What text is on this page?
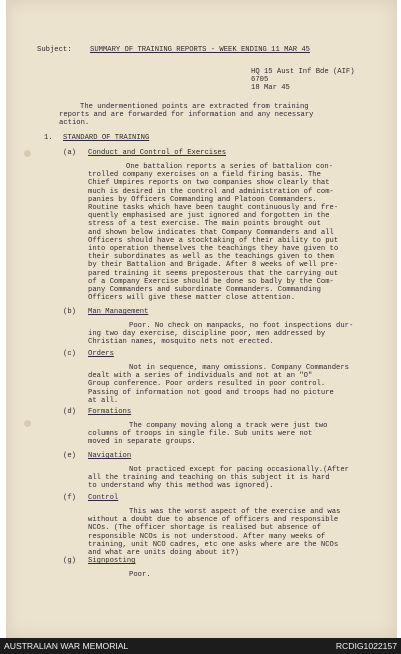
Subject:	SUMMARY OF TRAINING REPORTS - WEEK ENDING 11 MAR 45
HQ 15 Aust Inf Bde (AIF)
6705
18 Mar 45
The undermentioned points are extracted from training
reports and are forwarded for information and any necessary
action.
1. STANDARD OF TRAINING
(a) Conduct and Control of Exercises
One battalion reports a series of battalion con-
trolled company exercises on a field firing basis. The
Chief Umpires reports on two companies show clearly that
much is desired in the control and administration of com-
panies by Officers Commanding and Platoon Commanders.
Routine tasks which have been taught continuously and fre-
quently emphasised are just ignored and forgotten in the
stress of a test exercise. The main points brought out
and shown below indicates that Company Commanders and all
Officers should have a stocktaking of their ability to put
into operation themselves the teachings they have given to
their subordinates as well as the teachings given to them
by their Battalion and Brigade. After 8 weeks of well pre-
pared training it seems preposterous that the carrying out
of a Company Exercise should be done so badly by the Com-
pany Commanders and subordinate Commanders. Commanding
Officers will give these matter close attention.
(b) Man Management
Poor. No check on manpacks, no foot inspections dur-
ing two day exercise, discipline poor, men addressed by
Christian names, mosquito nets not erected.
(c) Orders
Not in sequence, many omissions. Company Commanders
dealt with a series of individuals and not at an "O"
Group conference. Poor orders resulted in poor control.
Passing of information not good and troops had no picture
at all.
(d) Formations
The company moving along a track were just two
columns of troops in single file. Sub units were not
moved in separate groups.
(e) Navigation
Not practiced except for pacing occasionally.(After
all the training and teaching on this subject it is hard
to understand why this method was ignored).
(f) Control
This was the worst aspect of the exercise and was
without a doubt due to absence of officers and responsible
NCOs. (The officer shortage is realised but absence of
responsible NCOs is not understood. After many weeks of
training, unit NCO cadres, etc one asks where are the NCOs
and what are units doing about it?)
(g) Signposting
Poor.
AUSTRALIAN WAR MEMORIAL	RCDIG1022157
